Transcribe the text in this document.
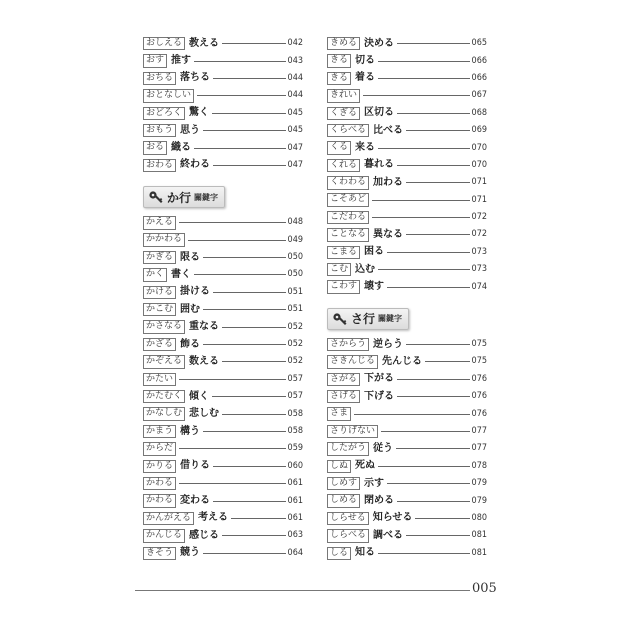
おしえる 教える	042
おす 推す	043
おちる 落ちる	044
おとなしい	044
おどろく 驚く	045
おもう 思う	045
おる 織る	047
おわる 終わる	047
か行 關鍵字
かえる	048
かかわる	049
かぎる 限る	050
かく 書く	050
かける 掛ける	051
かこむ 囲む	051
かさなる 重なる	052
かざる 飾る	052
かぞえる 数える	052
かたい	057
かたむく 傾く	057
かなしむ 悲しむ	058
かまう 構う	058
からだ	059
かりる 借りる	060
かわる	061
かわる 変わる	061
かんがえる 考える	061
かんじる 感じる	063
きそう 競う	064
きめる 決める	065
きる 切る	066
きる 着る	066
きれい	067
くぎる 区切る	068
くらべる 比べる	069
くる 来る	070
くれる 暮れる	070
くわわる 加わる	071
こそあど	071
こだわる	072
ことなる 異なる	072
こまる 困る	073
こむ 込む	073
こわす 壊す	074
さ行 關鍵字
さからう 逆らう	075
さきんじる 先んじる	075
さがる 下がる	076
さげる 下げる	076
さま	076
さりげない	077
したがう 従う	077
しぬ 死ぬ	078
しめす 示す	079
しめる 閉める	079
しらせる 知らせる	080
しらべる 調べる	081
しる 知る	081
005
